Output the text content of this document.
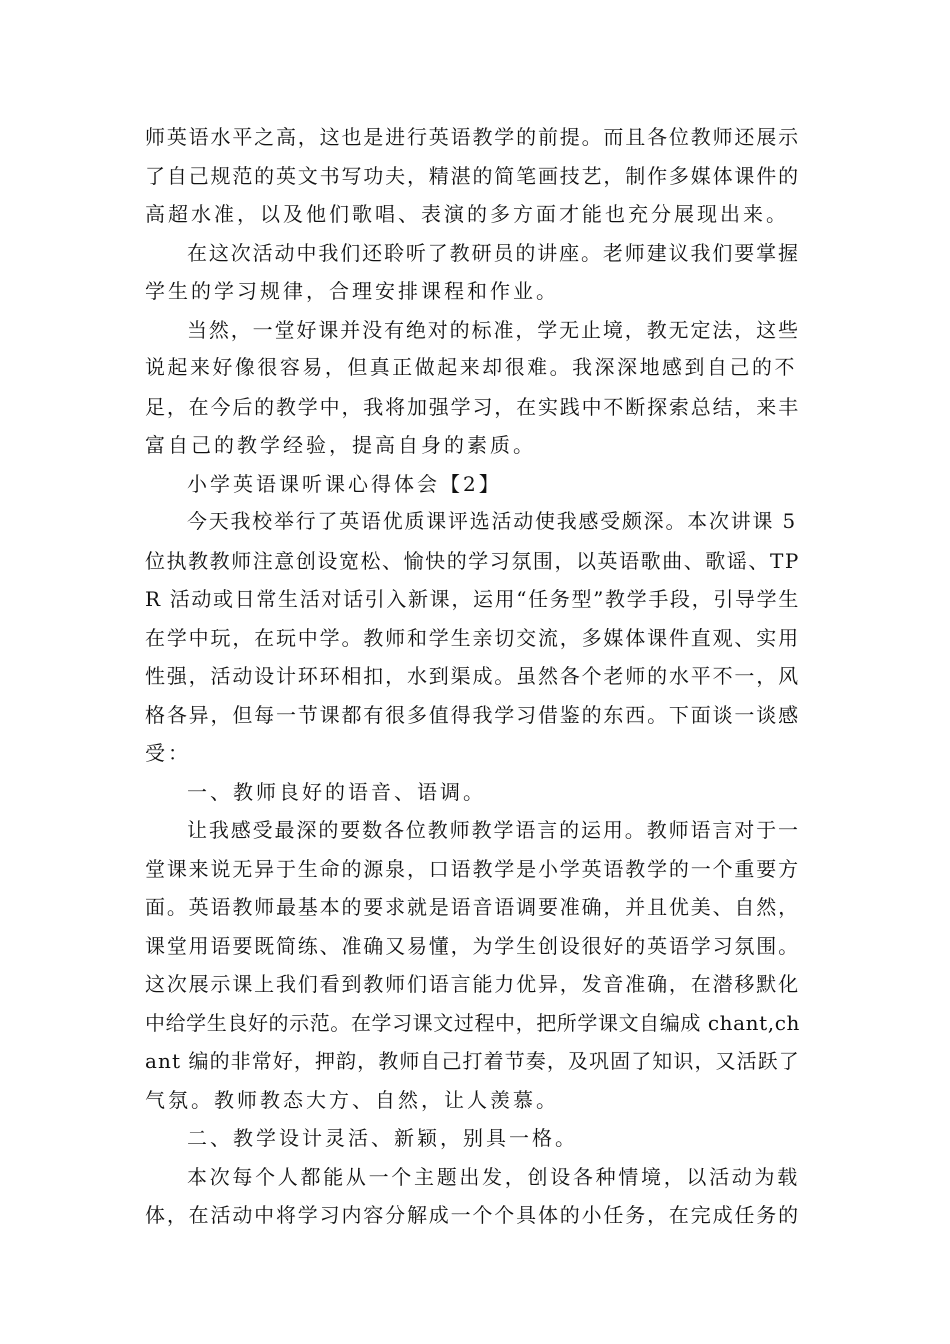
师英语水平之高，这也是进行英语教学的前提。而且各位教师还展示
了自己规范的英文书写功夫，精湛的简笔画技艺，制作多媒体课件的
高超水准，以及他们歌唱、表演的多方面才能也充分展现出来。
在这次活动中我们还聆听了教研员的讲座。老师建议我们要掌握
学生的学习规律，合理安排课程和作业。
当然，一堂好课并没有绝对的标准，学无止境，教无定法，这些
说起来好像很容易，但真正做起来却很难。我深深地感到自己的不
足，在今后的教学中，我将加强学习，在实践中不断探索总结，来丰
富自己的教学经验，提高自身的素质。
小学英语课听课心得体会【2】
今天我校举行了英语优质课评选活动使我感受颇深。本次讲课 5
位执教教师注意创设宽松、愉快的学习氛围，以英语歌曲、歌谣、TP
R 活动或日常生活对话引入新课，运用“任务型”教学手段，引导学生
在学中玩，在玩中学。教师和学生亲切交流，多媒体课件直观、实用
性强，活动设计环环相扣，水到渠成。虽然各个老师的水平不一，风
格各异，但每一节课都有很多值得我学习借鉴的东西。下面谈一谈感
受：
一、教师良好的语音、语调。
让我感受最深的要数各位教师教学语言的运用。教师语言对于一
堂课来说无异于生命的源泉，口语教学是小学英语教学的一个重要方
面。英语教师最基本的要求就是语音语调要准确，并且优美、自然，
课堂用语要既简练、准确又易懂，为学生创设很好的英语学习氛围。
这次展示课上我们看到教师们语言能力优异，发音准确，在潜移默化
中给学生良好的示范。在学习课文过程中，把所学课文自编成 chant,ch
ant 编的非常好，押韵，教师自己打着节奏，及巩固了知识，又活跃了
气氛。教师教态大方、自然，让人羡慕。
二、教学设计灵活、新颖，别具一格。
本次每个人都能从一个主题出发，创设各种情境，以活动为载
体，在活动中将学习内容分解成一个个具体的小任务，在完成任务的
